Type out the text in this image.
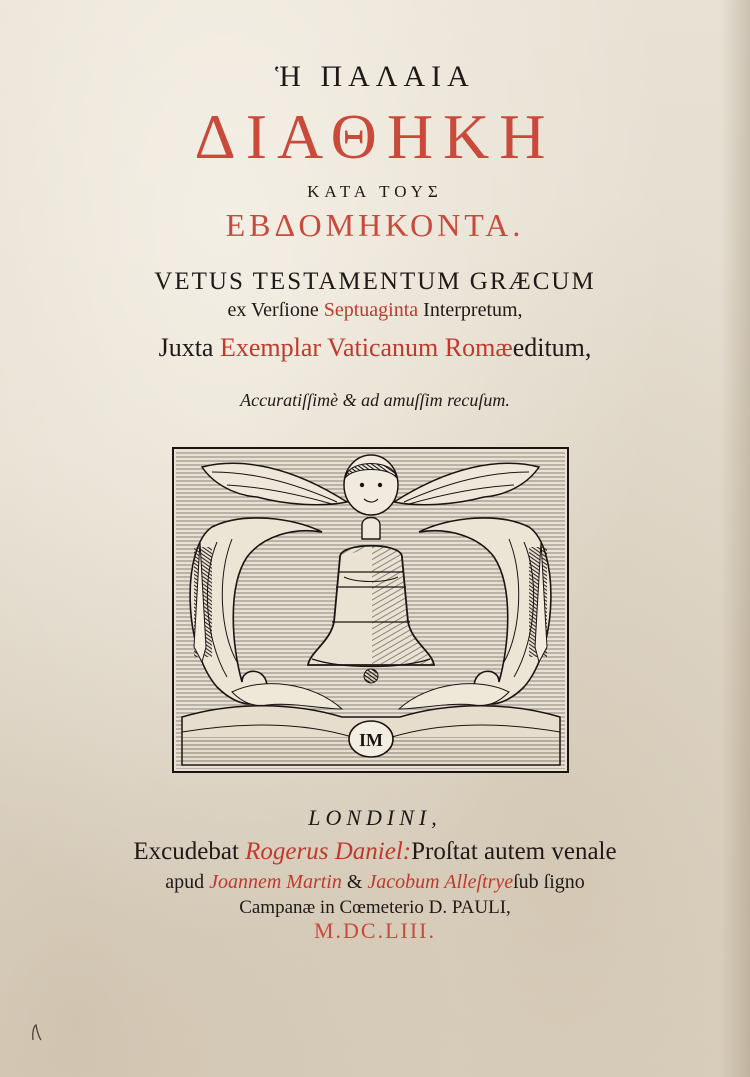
Ἡ ΠΑΛΑΙΑ
ΔΙΑΘΗΚΗ
ΚΑΤΑ ΤΟΥΣ
ΕΒΔΟΜΗΚΟΝΤΑ.
VETUS TESTAMENTUM GRÆCUM
ex Verſione Septuaginta Interpretum,
Juxta Exemplar Vaticanum Romæeditum,
Accuratiſſimè & ad amuſſim recuſum.
IM
LONDINI,
Excudebat Rogerus Daniel:Proſtat autem venale
apud Joannem Martin & Jacobum Alleſtryeſub ſigno
Campanæ in Cœmeterio D. PAULI,
M.DC.LIII.
